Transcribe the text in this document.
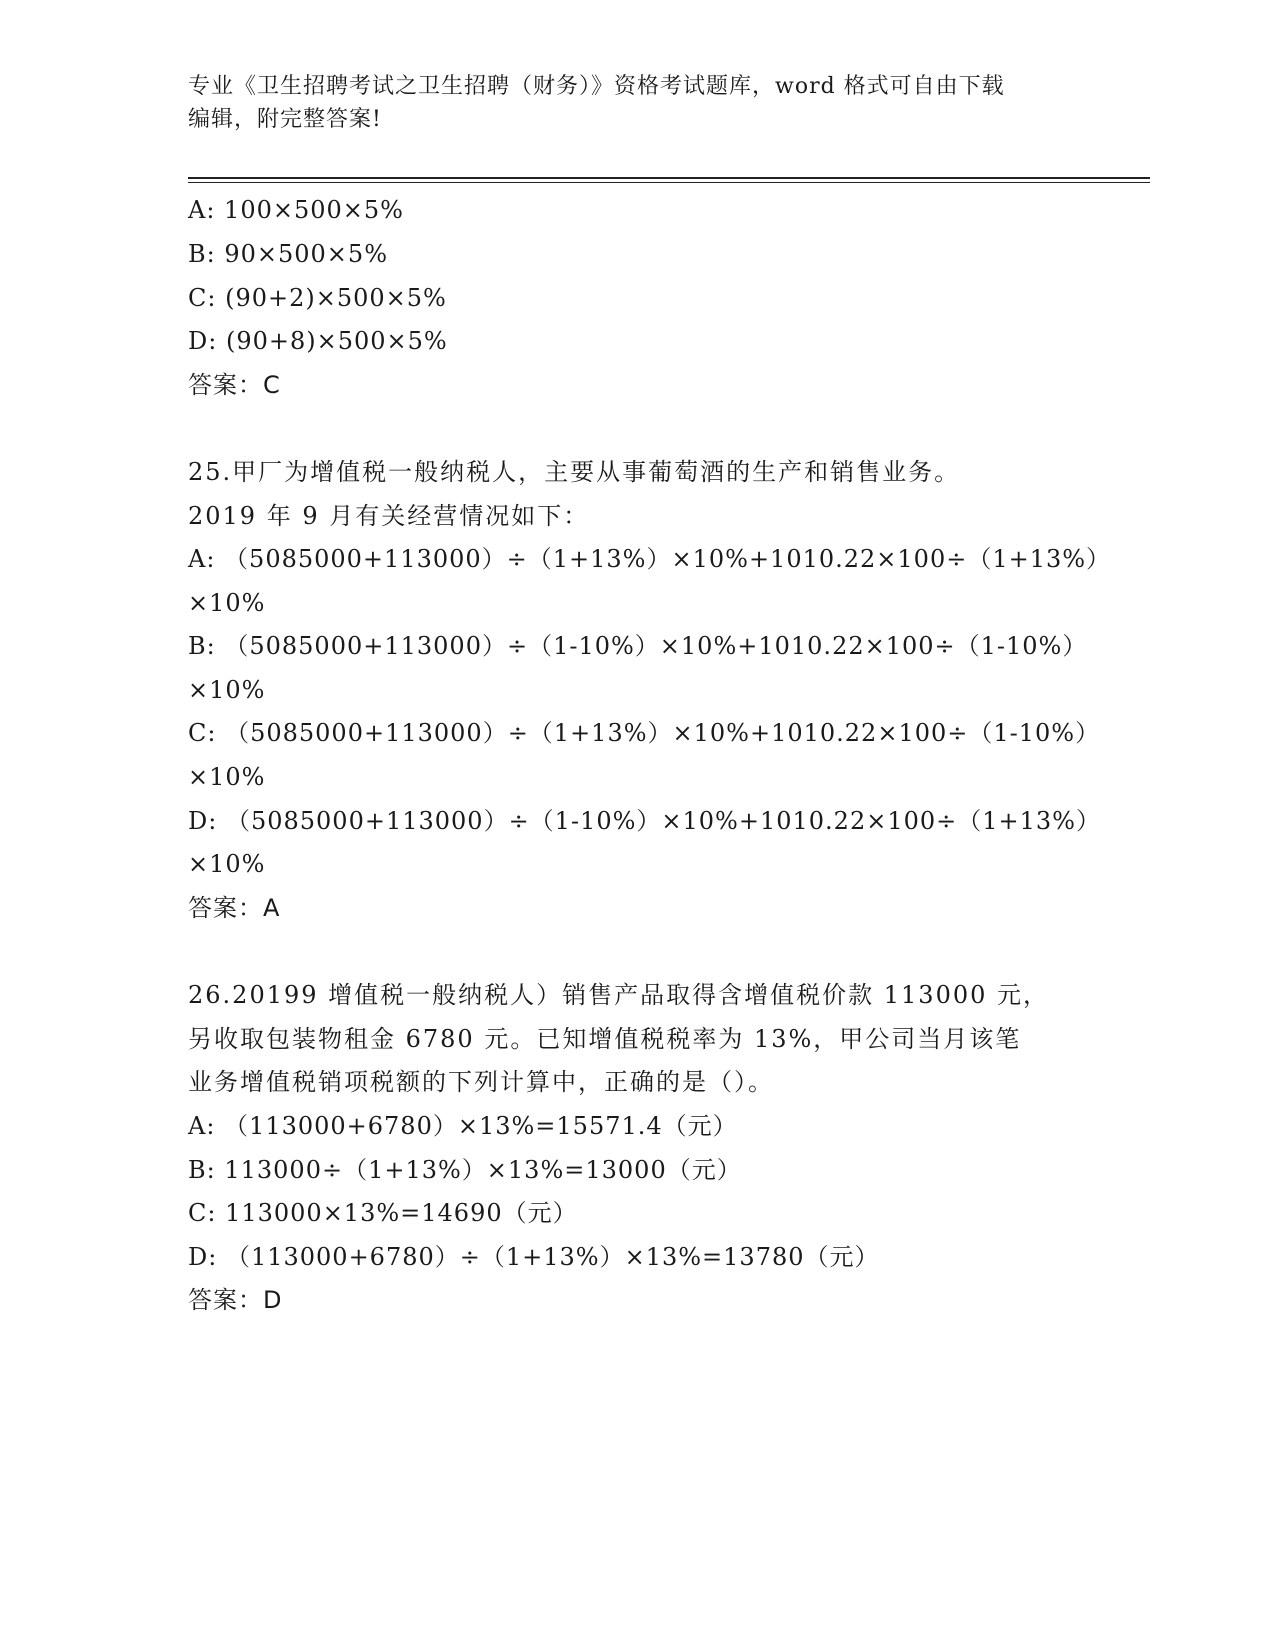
专业《卫生招聘考试之卫生招聘（财务）》资格考试题库，word 格式可自由下载
编辑，附完整答案!
A: 100×500×5%
B: 90×500×5%
C: (90+2)×500×5%
D: (90+8)×500×5%
答案：C
25.甲厂为增值税一般纳税人，主要从事葡萄酒的生产和销售业务。
2019 年 9 月有关经营情况如下：
A: （5085000+113000）÷（1+13%）×10%+1010.22×100÷（1+13%）
×10%
B: （5085000+113000）÷（1-10%）×10%+1010.22×100÷（1-10%）
×10%
C: （5085000+113000）÷（1+13%）×10%+1010.22×100÷（1-10%）
×10%
D: （5085000+113000）÷（1-10%）×10%+1010.22×100÷（1+13%）
×10%
答案：A
26.20199 增值税一般纳税人）销售产品取得含增值税价款 113000 元，
另收取包装物租金 6780 元。已知增值税税率为 13%，甲公司当月该笔
业务增值税销项税额的下列计算中，正确的是（）。
A: （113000+6780）×13%=15571.4（元）
B: 113000÷（1+13%）×13%=13000（元）
C: 113000×13%=14690（元）
D: （113000+6780）÷（1+13%）×13%=13780（元）
答案：D
